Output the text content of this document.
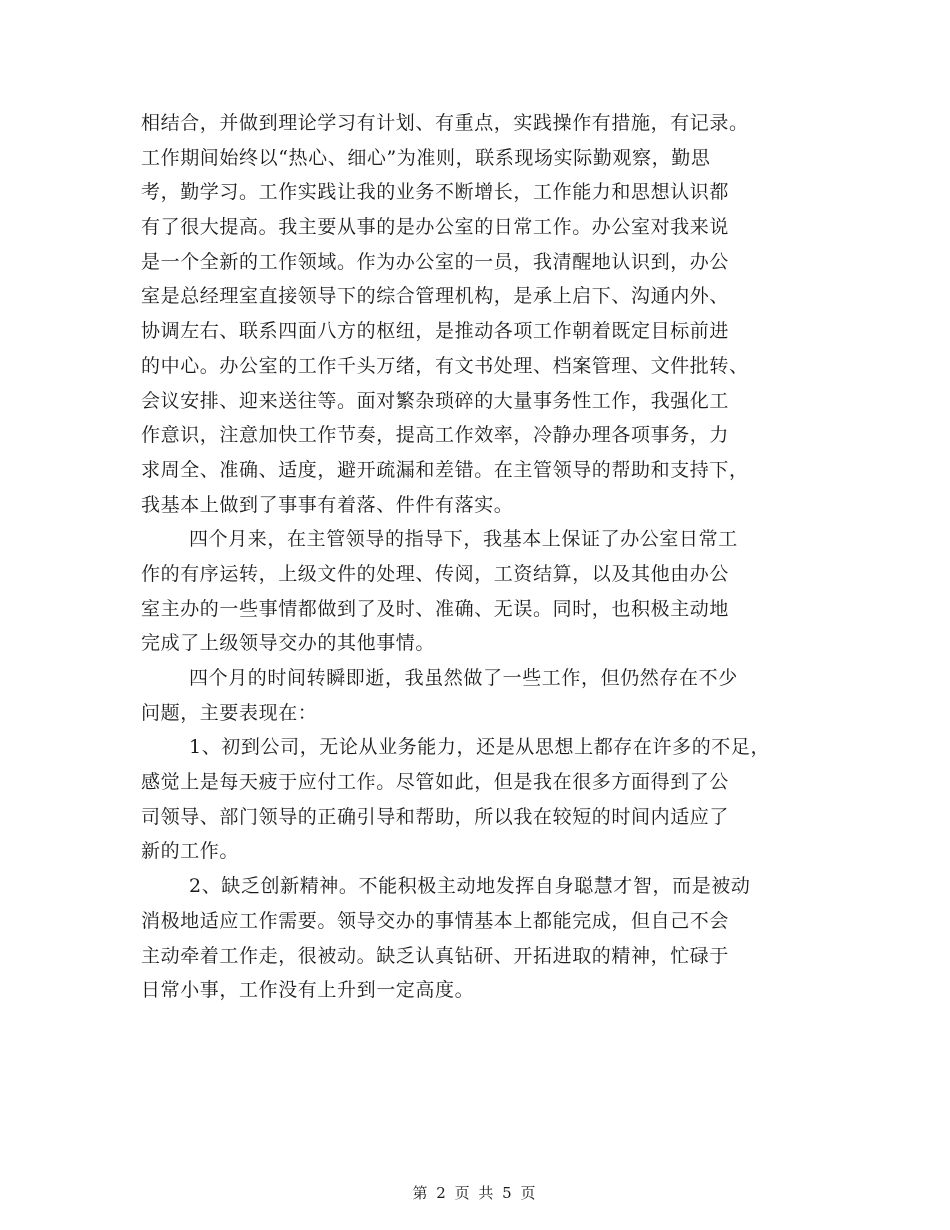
相结合，并做到理论学习有计划、有重点，实践操作有措施，有记录。
工作期间始终以“热心、细心”为准则，联系现场实际勤观察，勤思
考，勤学习。工作实践让我的业务不断增长，工作能力和思想认识都
有了很大提高。我主要从事的是办公室的日常工作。办公室对我来说
是一个全新的工作领域。作为办公室的一员，我清醒地认识到，办公
室是总经理室直接领导下的综合管理机构，是承上启下、沟通内外、
协调左右、联系四面八方的枢纽，是推动各项工作朝着既定目标前进
的中心。办公室的工作千头万绪，有文书处理、档案管理、文件批转、
会议安排、迎来送往等。面对繁杂琐碎的大量事务性工作，我强化工
作意识，注意加快工作节奏，提高工作效率，冷静办理各项事务，力
求周全、准确、适度，避开疏漏和差错。在主管领导的帮助和支持下，
我基本上做到了事事有着落、件件有落实。
四个月来，在主管领导的指导下，我基本上保证了办公室日常工
作的有序运转，上级文件的处理、传阅，工资结算，以及其他由办公
室主办的一些事情都做到了及时、准确、无误。同时，也积极主动地
完成了上级领导交办的其他事情。
四个月的时间转瞬即逝，我虽然做了一些工作，但仍然存在不少
问题，主要表现在：
1、初到公司，无论从业务能力，还是从思想上都存在许多的不足，
感觉上是每天疲于应付工作。尽管如此，但是我在很多方面得到了公
司领导、部门领导的正确引导和帮助，所以我在较短的时间内适应了
新的工作。
2、缺乏创新精神。不能积极主动地发挥自身聪慧才智，而是被动
消极地适应工作需要。领导交办的事情基本上都能完成，但自己不会
主动牵着工作走，很被动。缺乏认真钻研、开拓进取的精神，忙碌于
日常小事，工作没有上升到一定高度。
第 2 页 共 5 页
